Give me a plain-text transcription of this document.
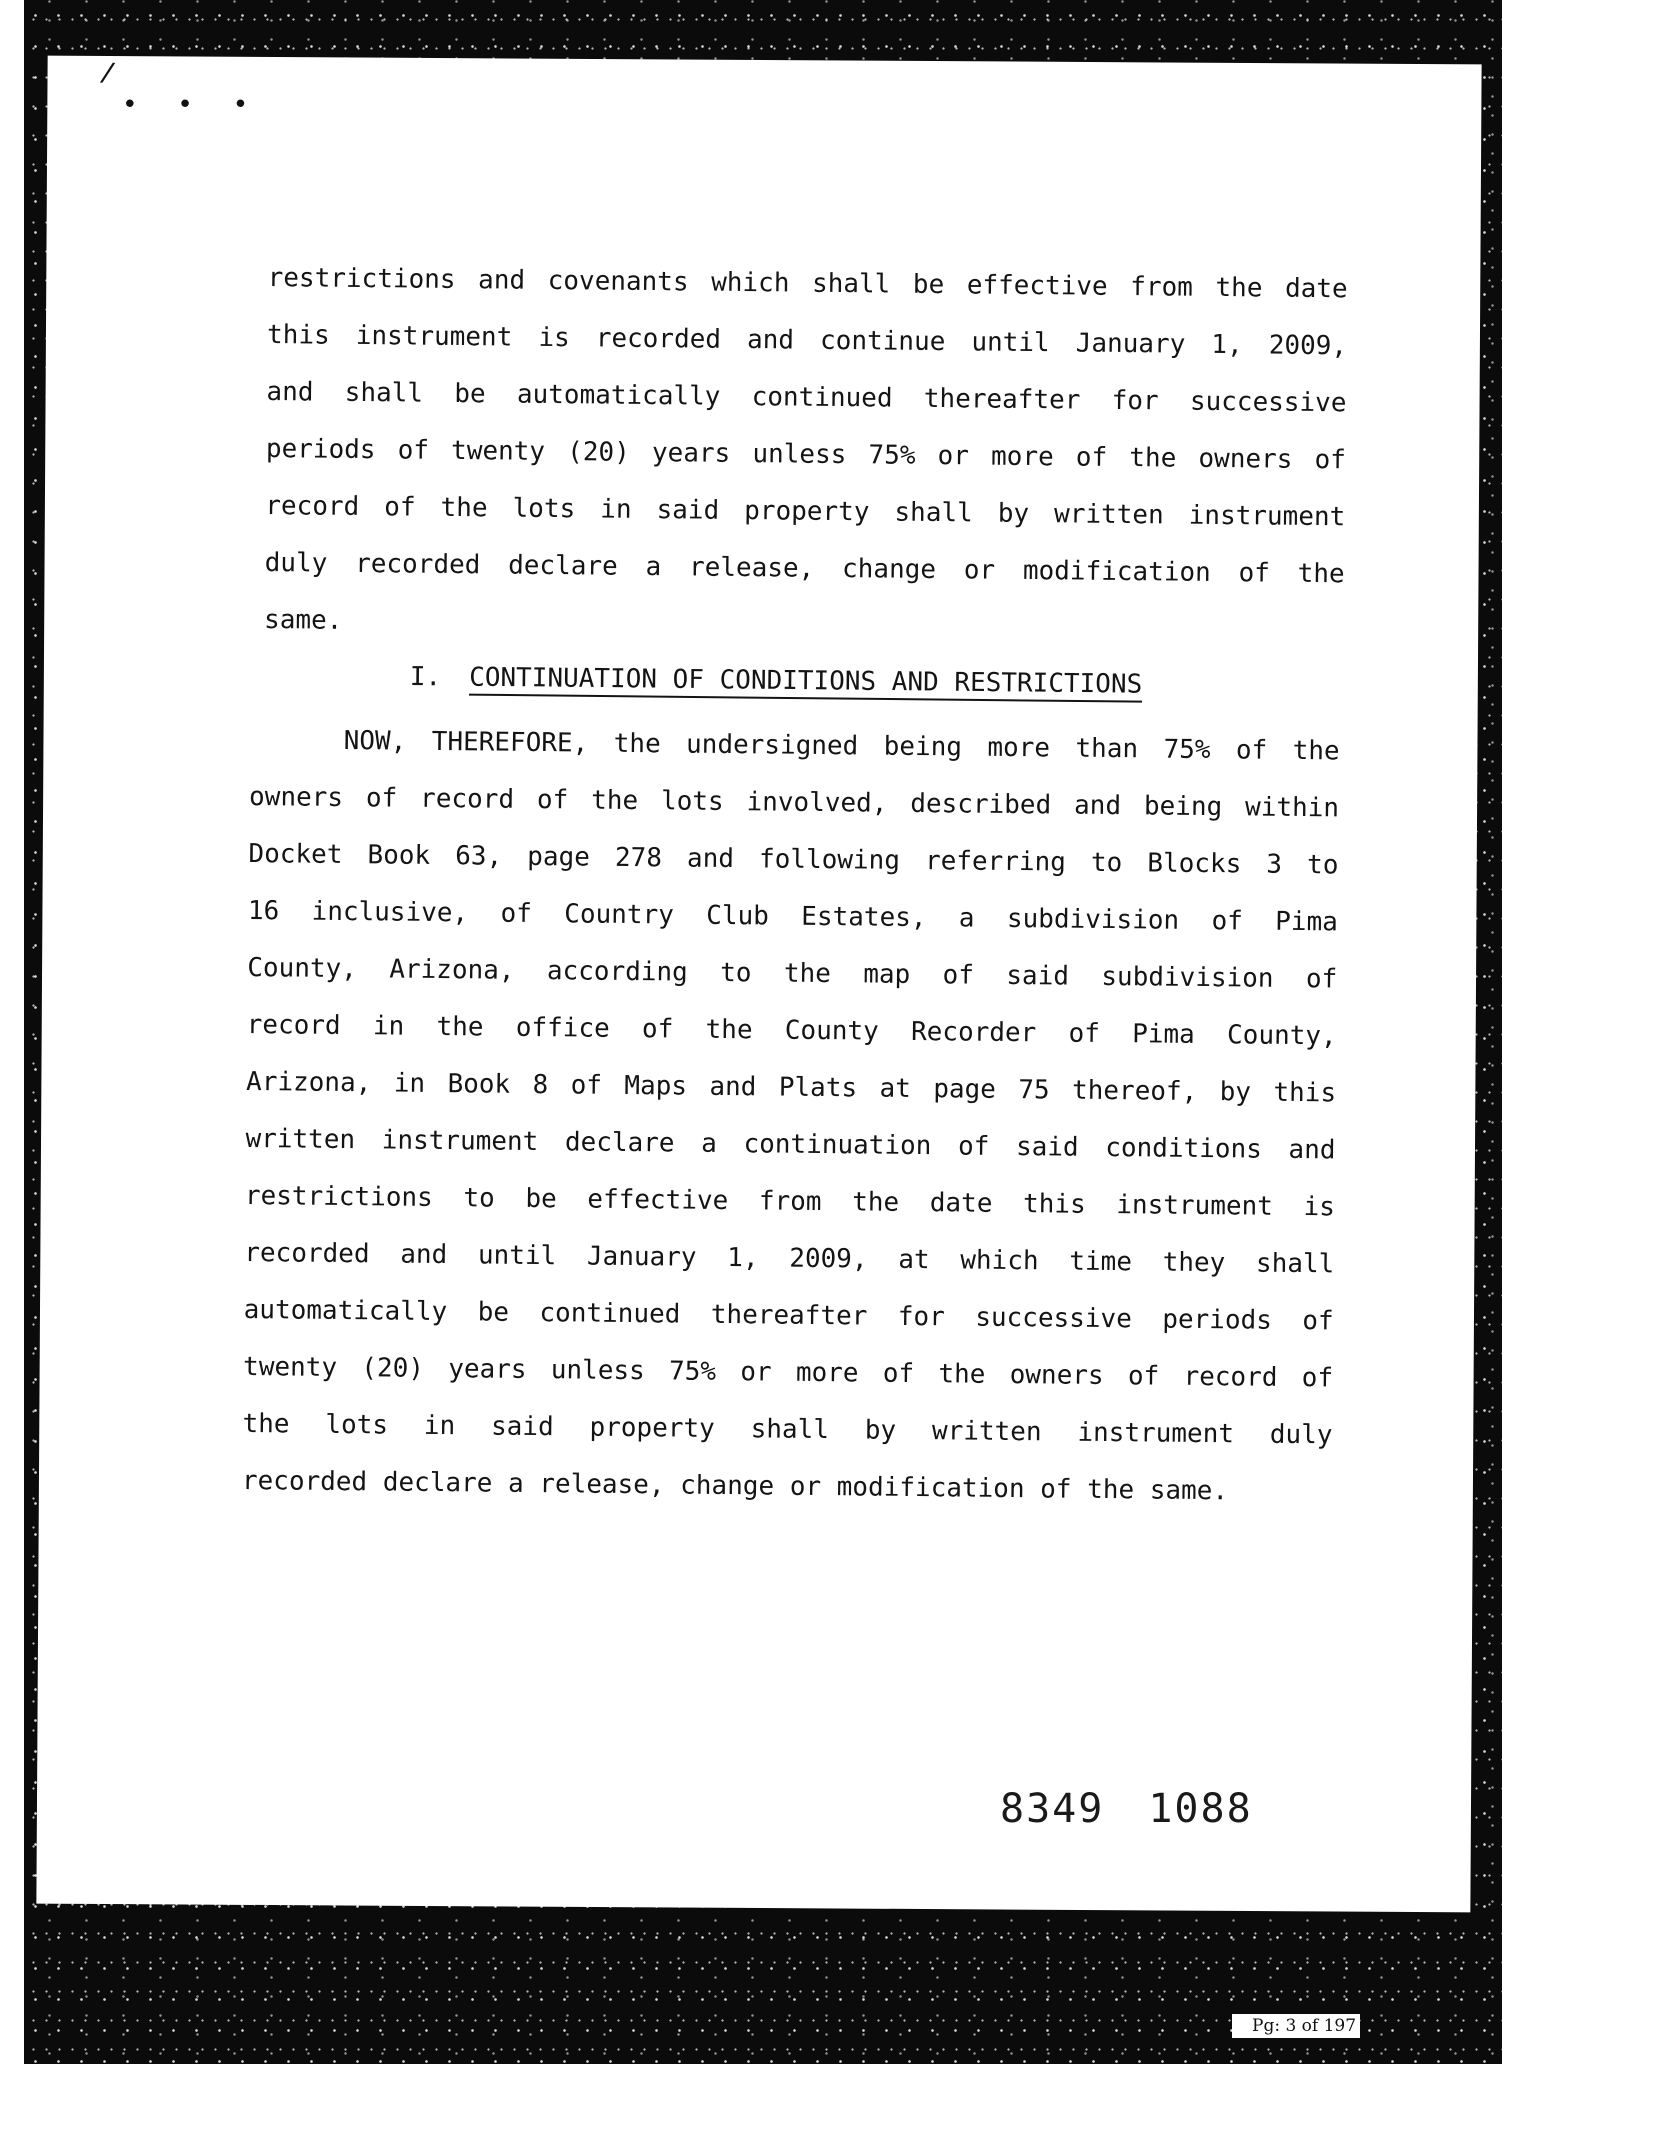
/
• • •
restrictions and covenants which shall be effective from the date
this instrument is recorded and continue until January 1, 2009,
and shall be automatically continued thereafter for successive
periods of twenty (20) years unless 75% or more of the owners of
record of the lots in said property shall by written instrument
duly recorded declare a release, change or modification of the
same.
I. CONTINUATION OF CONDITIONS AND RESTRICTIONS
NOW, THEREFORE, the undersigned being more than 75% of the
owners of record of the lots involved, described and being within
Docket Book 63, page 278 and following referring to Blocks 3 to
16 inclusive, of Country Club Estates, a subdivision of Pima
County, Arizona, according to the map of said subdivision of
record in the office of the County Recorder of Pima County,
Arizona, in Book 8 of Maps and Plats at page 75 thereof, by this
written instrument declare a continuation of said conditions and
restrictions to be effective from the date this instrument is
recorded and until January 1, 2009, at which time they shall
automatically be continued thereafter for successive periods of
twenty (20) years unless 75% or more of the owners of record of
the lots in said property shall by written instrument duly
recorded declare a release, change or modification of the same.
8349 1088
Pg: 3 of 197
